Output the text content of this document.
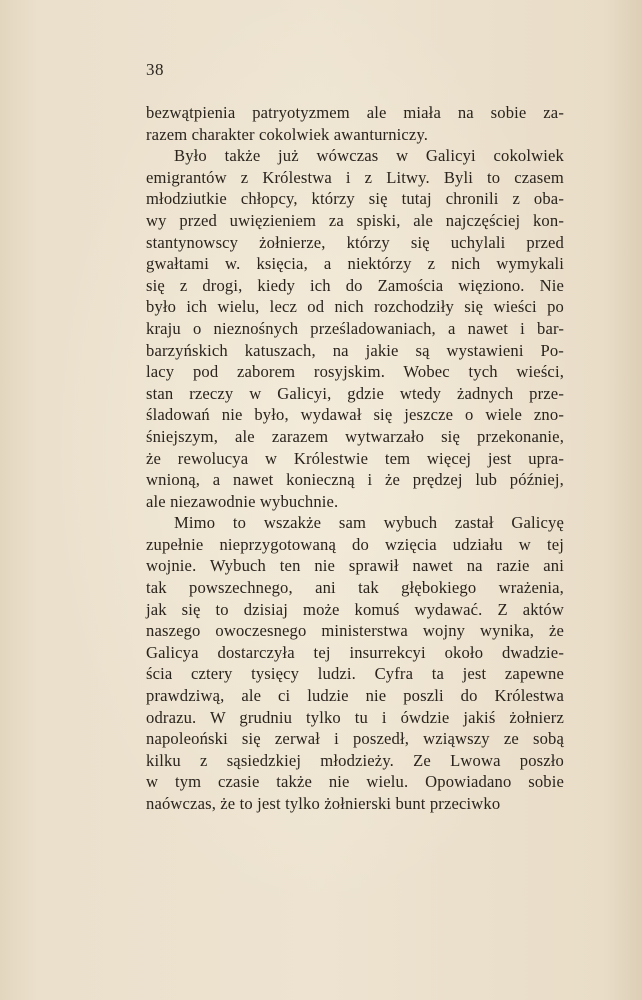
38
bezwątpienia patryotyzmem ale miała na sobie za-
razem charakter cokolwiek awanturniczy.
Było także już wówczas w Galicyi cokolwiek
emigrantów z Królestwa i z Litwy. Byli to czasem
młodziutkie chłopcy, którzy się tutaj chronili z oba-
wy przed uwięzieniem za spiski, ale najczęściej kon-
stantynowscy żołnierze, którzy się uchylali przed
gwałtami w. księcia, a niektórzy z nich wymykali
się z drogi, kiedy ich do Zamościa więziono. Nie
było ich wielu, lecz od nich rozchodziły się wieści po
kraju o nieznośnych prześladowaniach, a nawet i bar-
barzyńskich katuszach, na jakie są wystawieni Po-
lacy pod zaborem rosyjskim. Wobec tych wieści,
stan rzeczy w Galicyi, gdzie wtedy żadnych prze-
śladowań nie było, wydawał się jeszcze o wiele zno-
śniejszym, ale zarazem wytwarzało się przekonanie,
że rewolucya w Królestwie tem więcej jest upra-
wnioną, a nawet konieczną i że prędzej lub później,
ale niezawodnie wybuchnie.
Mimo to wszakże sam wybuch zastał Galicyę
zupełnie nieprzygotowaną do wzięcia udziału w tej
wojnie. Wybuch ten nie sprawił nawet na razie ani
tak powszechnego, ani tak głębokiego wrażenia,
jak się to dzisiaj może komuś wydawać. Z aktów
naszego owoczesnego ministerstwa wojny wynika, że
Galicya dostarczyła tej insurrekcyi około dwadzie-
ścia cztery tysięcy ludzi. Cyfra ta jest zapewne
prawdziwą, ale ci ludzie nie poszli do Królestwa
odrazu. W grudniu tylko tu i ówdzie jakiś żołnierz
napoleoński się zerwał i poszedł, wziąwszy ze sobą
kilku z sąsiedzkiej młodzieży. Ze Lwowa poszło
w tym czasie także nie wielu. Opowiadano sobie
naówczas, że to jest tylko żołnierski bunt przeciwko
